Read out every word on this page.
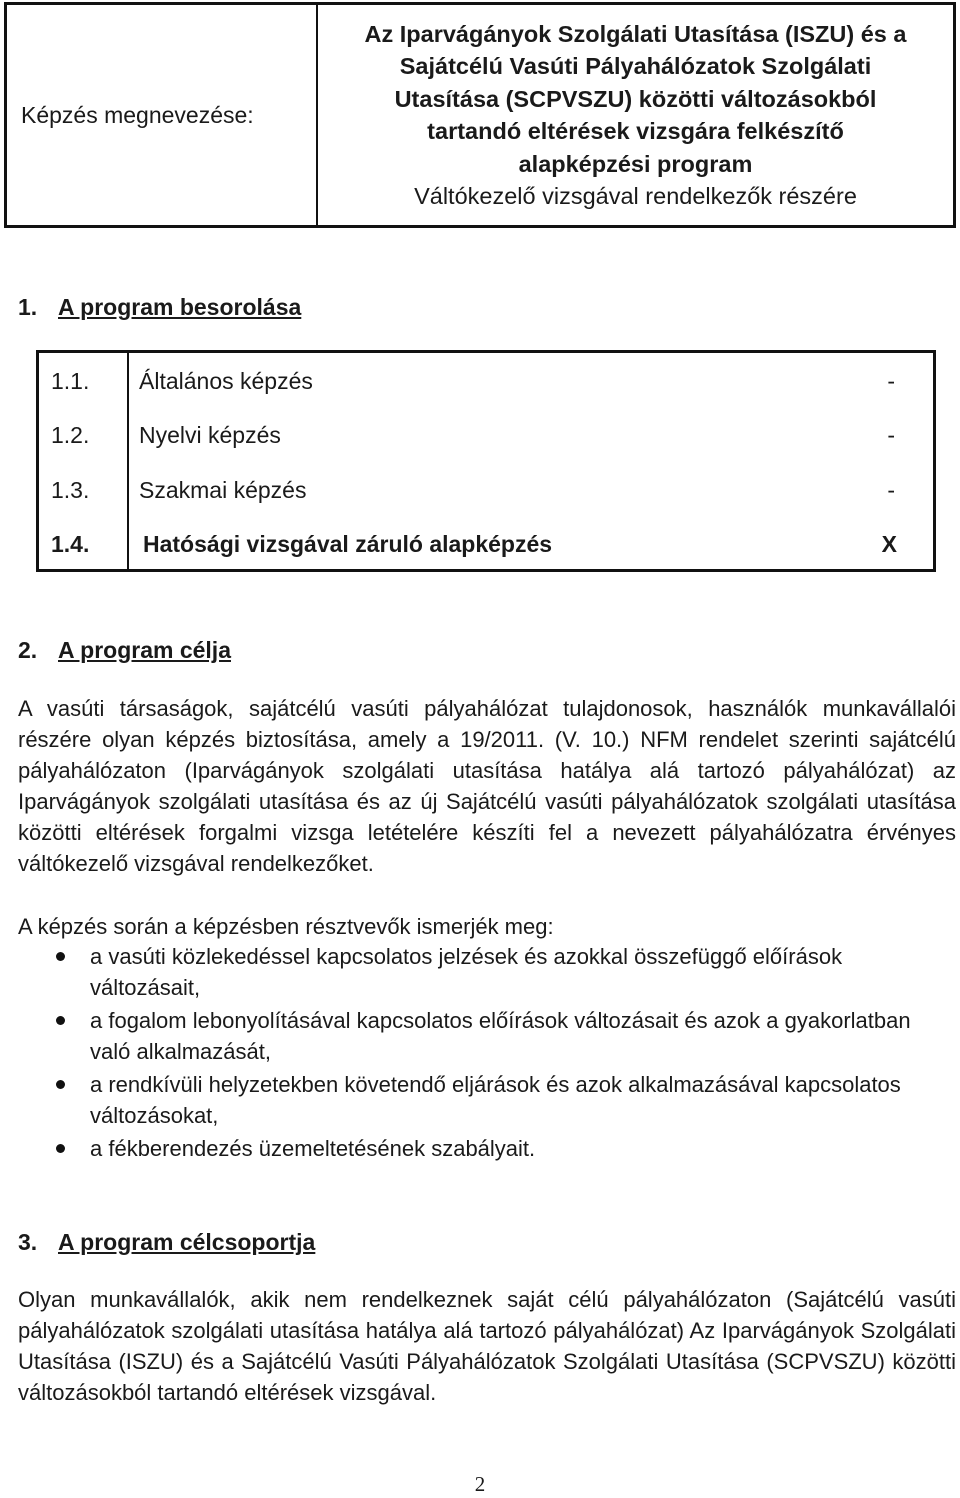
Képzés megnevezése:
Az Iparvágányok Szolgálati Utasítása (ISZU) és a
Sajátcélú Vasúti Pályahálózatok Szolgálati
Utasítása (SCPVSZU) közötti változásokból
tartandó eltérések vizsgára felkészítő
alapképzési program
Váltókezelő vizsgával rendelkezők részére
1. A program besorolása
1.1. Általános képzés	-
1.2. Nyelvi képzés	-
1.3. Szakmai képzés	-
1.4. Hatósági vizsgával záruló alapképzés	X
2. A program célja

A vasúti társaságok, sajátcélú vasúti pályahálózat tulajdonosok, használók munkavállalói részére olyan képzés biztosítása, amely a 19/2011. (V. 10.) NFM rendelet szerinti sajátcélú pályahálózaton (Iparvágányok szolgálati utasítása hatálya alá tartozó pályahálózat) az Iparvágányok szolgálati utasítása és az új Sajátcélú vasúti pályahálózatok szolgálati utasítása közötti eltérések forgalmi vizsga letételére készíti fel a nevezett pályahálózatra érvényes váltókezelő vizsgával rendelkezőket.

A képzés során a képzésben résztvevők ismerjék meg:

a vasúti közlekedéssel kapcsolatos jelzések és azokkal összefüggő előírások változásait,
a fogalom lebonyolításával kapcsolatos előírások változásait és azok a gyakorlatban való alkalmazását,
a rendkívüli helyzetekben követendő eljárások és azok alkalmazásával kapcsolatos változásokat,
a fékberendezés üzemeltetésének szabályait.
3. A program célcsoportja

Olyan munkavállalók, akik nem rendelkeznek saját célú pályahálózaton (Sajátcélú vasúti pályahálózatok szolgálati utasítása hatálya alá tartozó pályahálózat) Az Iparvágányok Szolgálati Utasítása (ISZU) és a Sajátcélú Vasúti Pályahálózatok Szolgálati Utasítása (SCPVSZU) közötti változásokból tartandó eltérések vizsgával.

2
